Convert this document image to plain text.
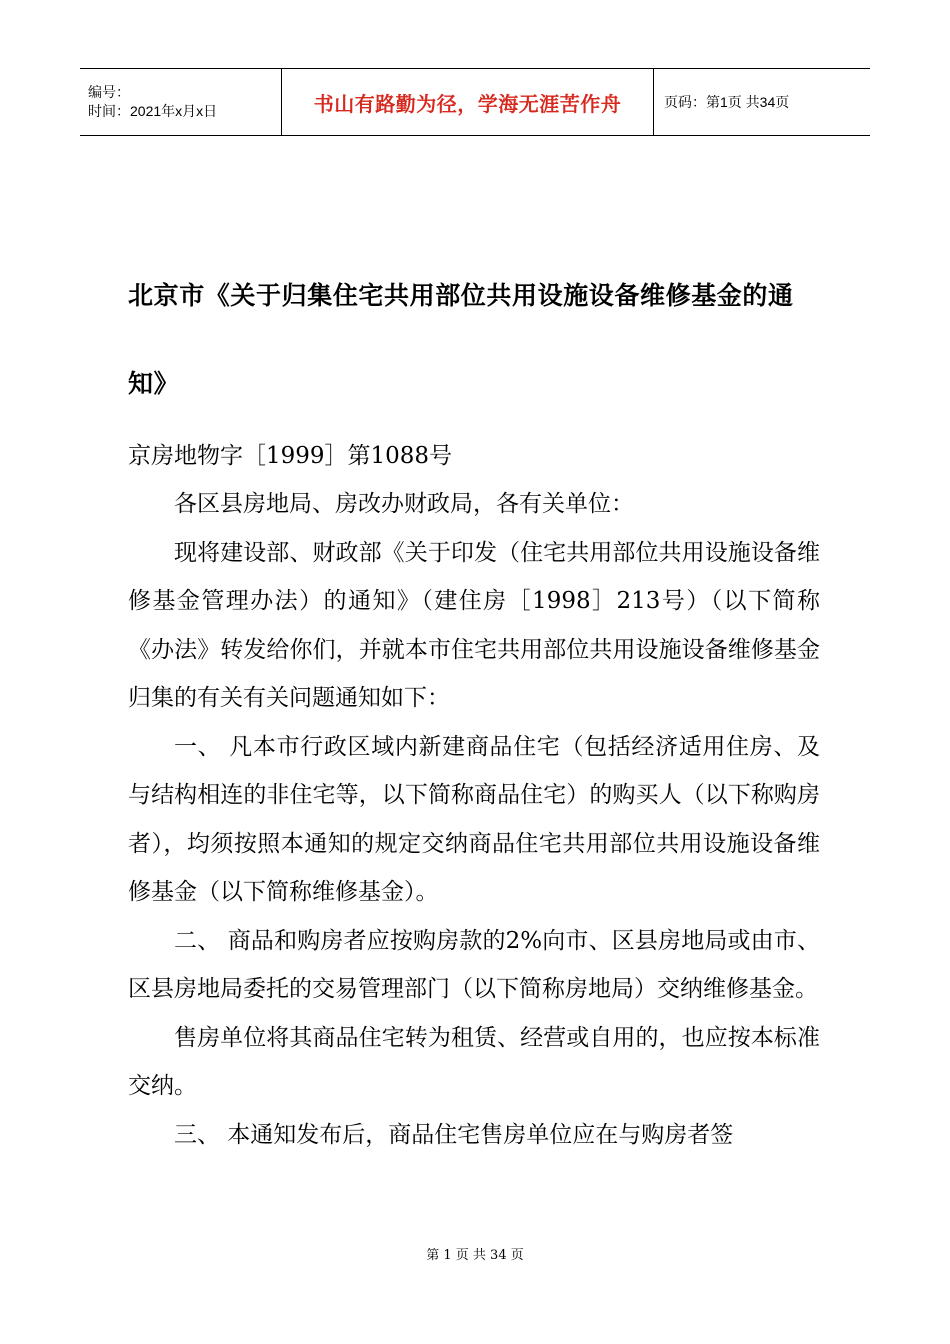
编号：
时间：2021年x月x日	书山有路勤为径，学海无涯苦作舟	页码：第1页 共34页
北京市《关于归集住宅共用部位共用设施设备维修基金的通知》
京房地物字［1999］第1088号

各区县房地局、房改办财政局，各有关单位：

现将建设部、财政部《关于印发（住宅共用部位共用设施设备维修基金管理办法）的通知》（建住房［1998］213号）（以下简称《办法》转发给你们，并就本市住宅共用部位共用设施设备维修基金归集的有关有关问题通知如下：

一、 凡本市行政区域内新建商品住宅（包括经济适用住房、及与结构相连的非住宅等，以下简称商品住宅）的购买人（以下称购房者），均须按照本通知的规定交纳商品住宅共用部位共用设施设备维修基金（以下简称维修基金）。

二、 商品和购房者应按购房款的2%向市、区县房地局或由市、区县房地局委托的交易管理部门（以下简称房地局）交纳维修基金。

售房单位将其商品住宅转为租赁、经营或自用的，也应按本标准交纳。

三、 本通知发布后，商品住宅售房单位应在与购房者签

第 1 页 共 34 页
